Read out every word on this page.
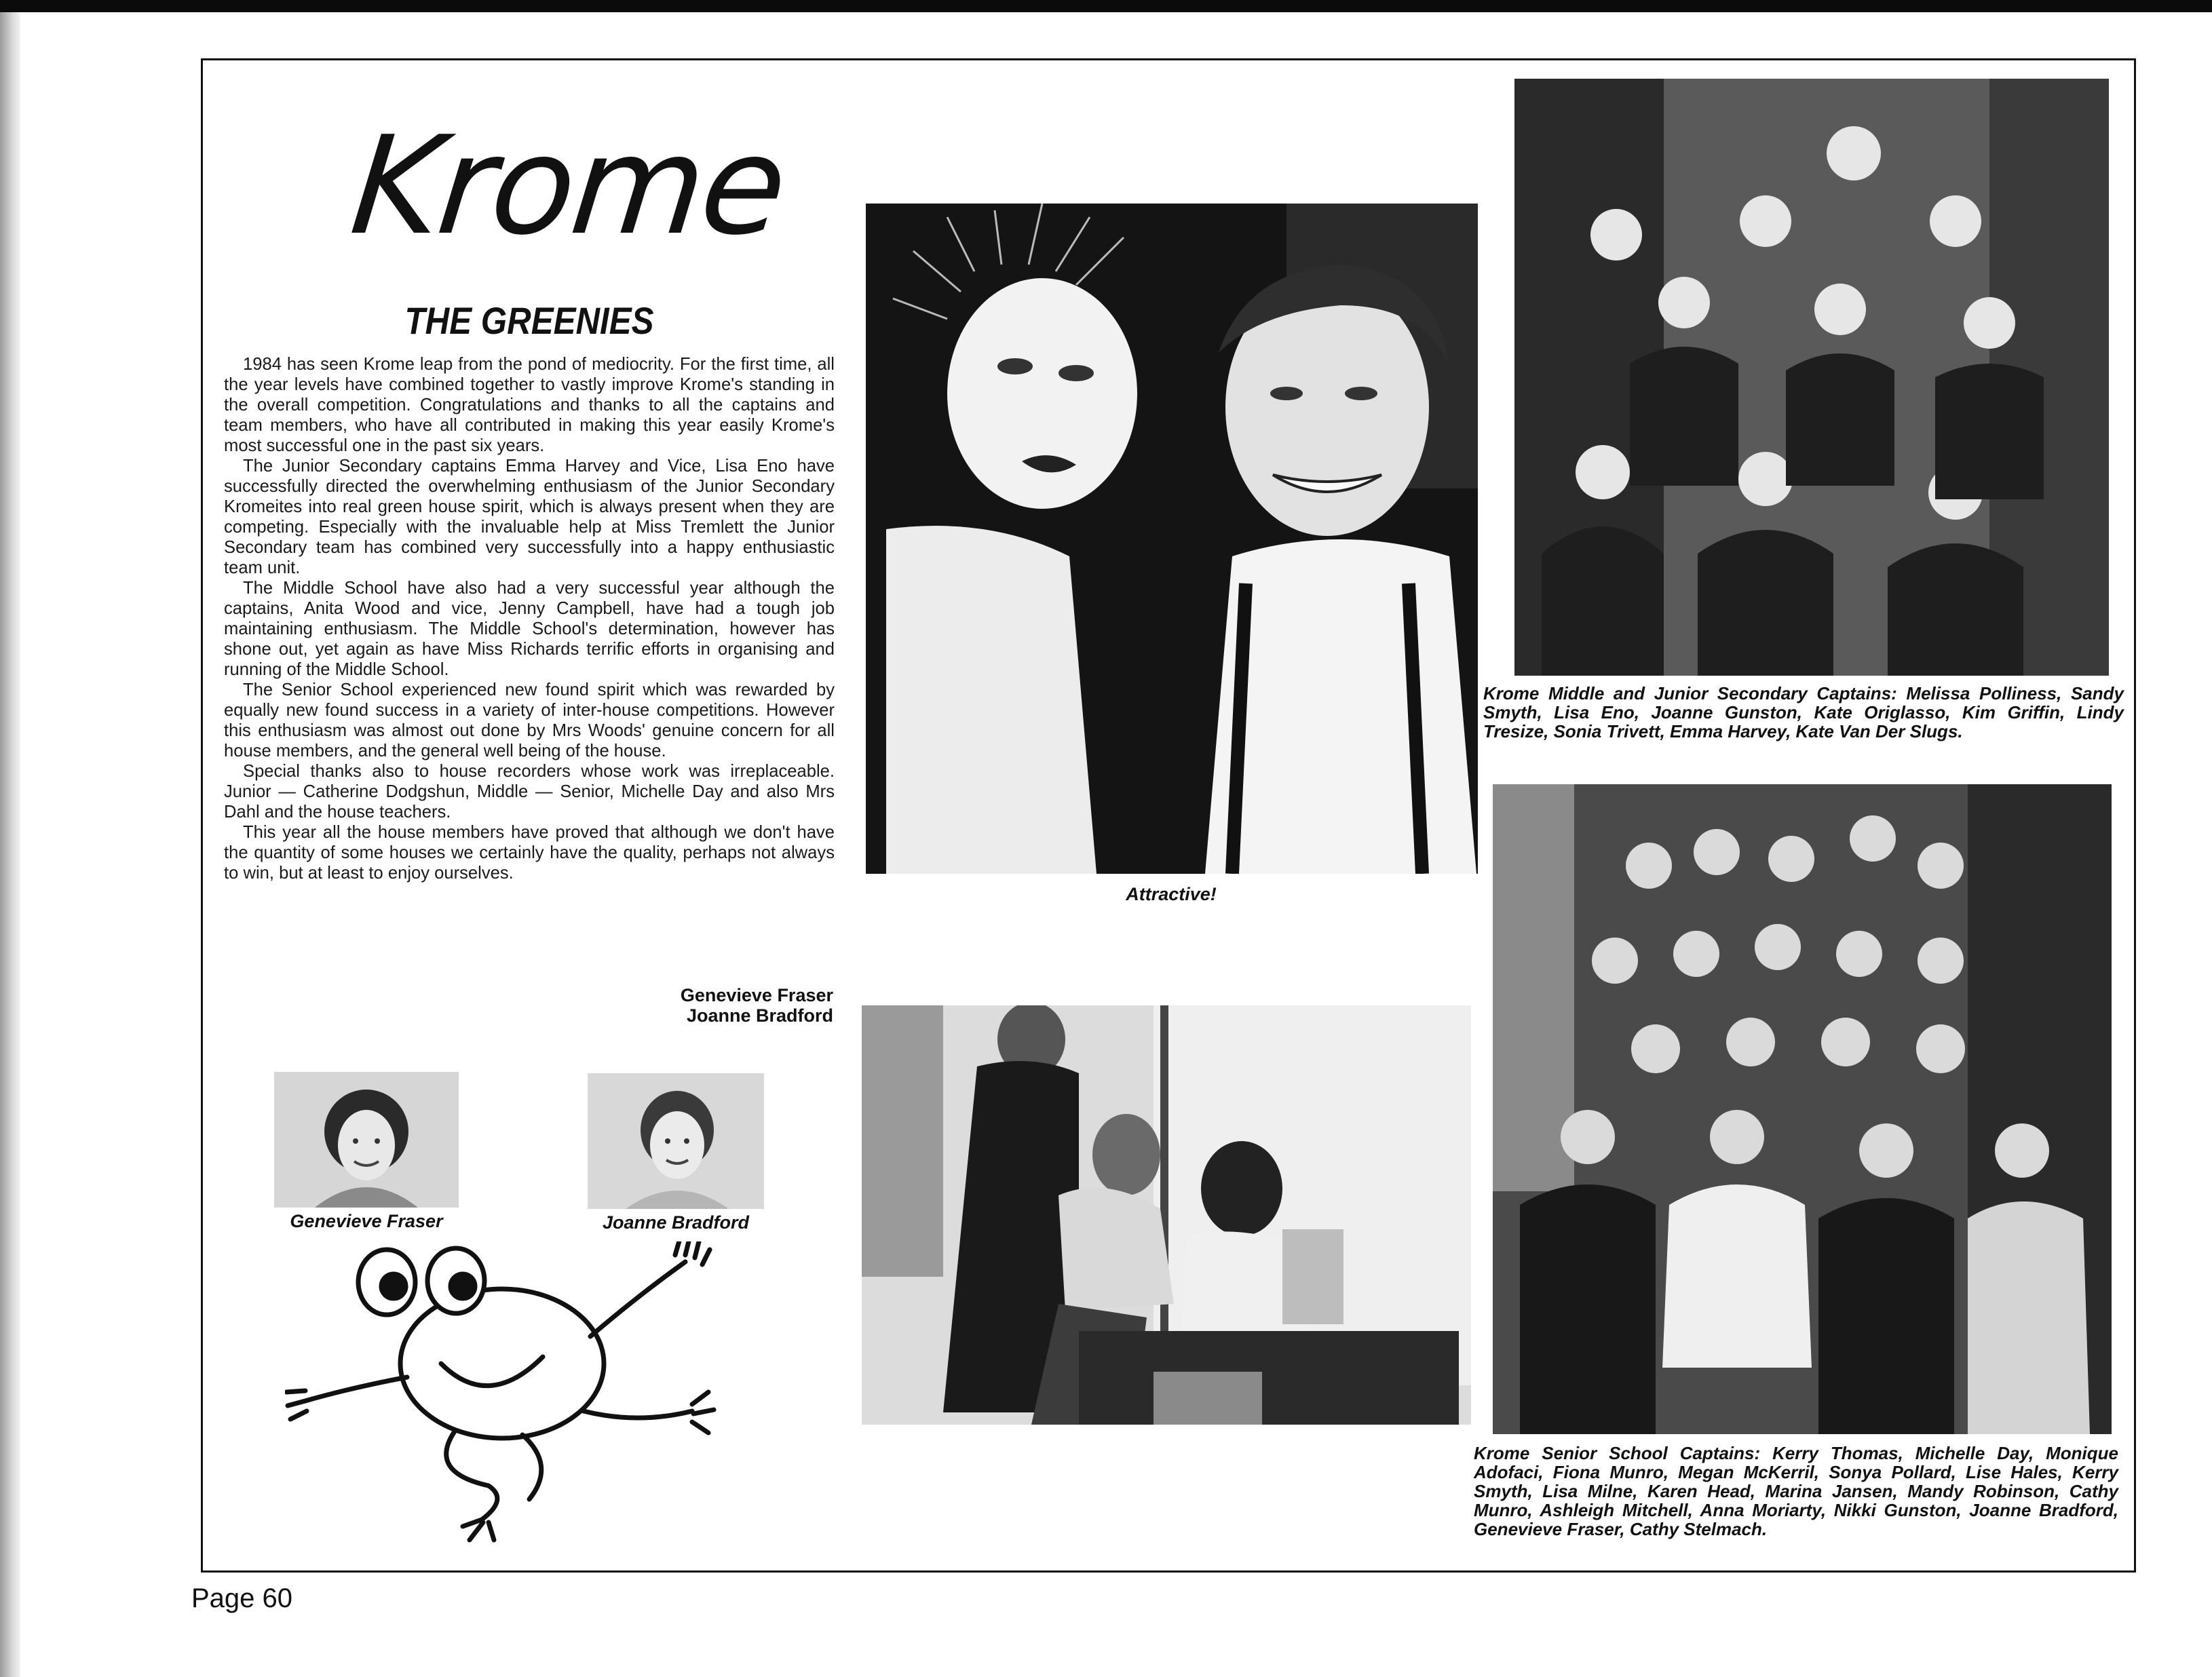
Krome
THE GREENIES

1984 has seen Krome leap from the pond of mediocrity. For the first time, all the year levels have combined together to vastly improve Krome's standing in the overall competition. Congratulations and thanks to all the captains and team members, who have all contributed in making this year easily Krome's most successful one in the past six years.

The Junior Secondary captains Emma Harvey and Vice, Lisa Eno have successfully directed the overwhelming enthusiasm of the Junior Secondary Kromeites into real green house spirit, which is always present when they are competing. Especially with the invaluable help at Miss Tremlett the Junior Secondary team has combined very successfully into a happy enthusiastic team unit.

The Middle School have also had a very successful year although the captains, Anita Wood and vice, Jenny Campbell, have had a tough job maintaining enthusiasm. The Middle School's determination, however has shone out, yet again as have Miss Richards terrific efforts in organising and running of the Middle School.

The Senior School experienced new found spirit which was rewarded by equally new found success in a variety of inter-house competitions. However this enthusiasm was almost out done by Mrs Woods' genuine concern for all house members, and the general well being of the house.

Special thanks also to house recorders whose work was irreplaceable. Junior — Catherine Dodgshun, Middle — Senior, Michelle Day and also Mrs Dahl and the house teachers.

This year all the house members have proved that although we don't have the quantity of some houses we certainly have the quality, perhaps not always to win, but at least to enjoy ourselves.

Genevieve Fraser
Joanne Bradford
Genevieve Fraser	Joanne Bradford
Attractive!
Krome Middle and Junior Secondary Captains: Melissa Polliness, Sandy Smyth, Lisa Eno, Joanne Gunston, Kate Origlasso, Kim Griffin, Lindy Tresize, Sonia Trivett, Emma Harvey, Kate Van Der Slugs.
Krome Senior School Captains: Kerry Thomas, Michelle Day, Monique Adofaci, Fiona Munro, Megan McKerril, Sonya Pollard, Lise Hales, Kerry Smyth, Lisa Milne, Karen Head, Marina Jansen, Mandy Robinson, Cathy Munro, Ashleigh Mitchell, Anna Moriarty, Nikki Gunston, Joanne Bradford, Genevieve Fraser, Cathy Stelmach.
Page 60
